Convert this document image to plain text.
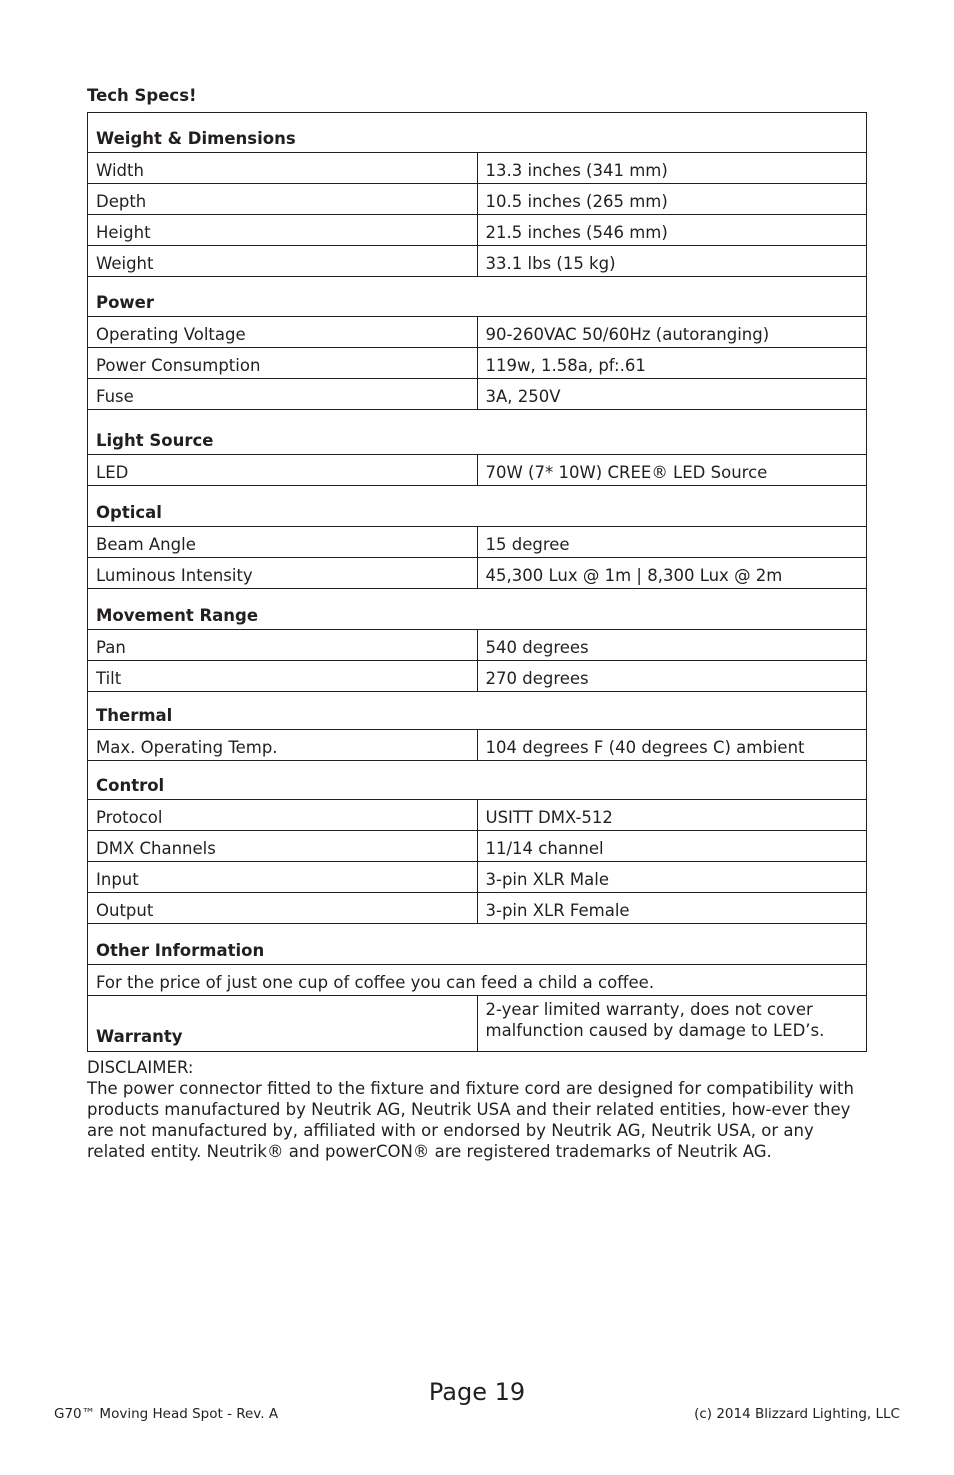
Tech Specs!
Weight & Dimensions	
Width	13.3 inches (341 mm)
Depth	10.5 inches (265 mm)
Height	21.5 inches (546 mm)
Weight	33.1 lbs (15 kg)
Power	
Operating Voltage	90-260VAC 50/60Hz (autoranging)
Power Consumption	119w, 1.58a, pf:.61
Fuse	3A, 250V
Light Source	
LED	70W (7* 10W) CREE® LED Source
Optical	
Beam Angle	15 degree
Luminous Intensity	45,300 Lux @ 1m | 8,300 Lux @ 2m
Movement Range	
Pan	540 degrees
Tilt	270 degrees
Thermal	
Max. Operating Temp.	104 degrees F (40 degrees C) ambient
Control	
Protocol	USITT DMX-512
DMX Channels	11/14 channel
Input	3-pin XLR Male
Output	3-pin XLR Female
Other Information	
For the price of just one cup of coffee you can feed a child a coffee.	
Warranty	2-year limited warranty, does not cover malfunction caused by damage to LED’s.

DISCLAIMER:

The power connector fitted to the fixture and fixture cord are designed for compatibility with products manufactured by Neutrik AG, Neutrik USA and their related entities, how-ever they are not manufactured by, affiliated with or endorsed by Neutrik AG, Neutrik USA, or any related entity. Neutrik® and powerCON® are registered trademarks of Neutrik AG.

Page 19
G70™ Moving Head Spot - Rev. A	(c) 2014 Blizzard Lighting, LLC
